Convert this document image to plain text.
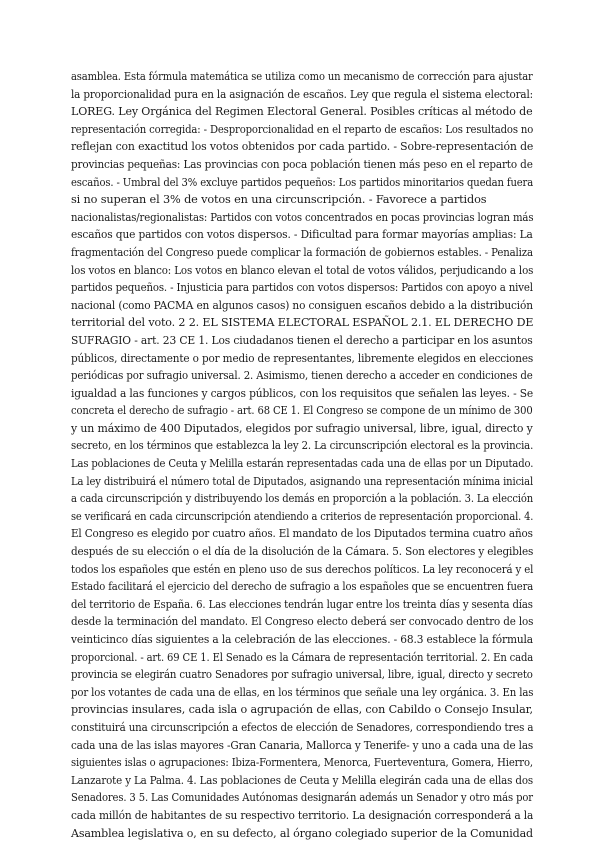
asamblea. Esta fórmula matemática se utiliza como un mecanismo de corrección para ajustar
la proporcionalidad pura en la asignación de escaños. Ley que regula el sistema electoral:
LOREG. Ley Orgánica del Regimen Electoral General. Posibles críticas al método de
representación corregida: - Desproporcionalidad en el reparto de escaños: Los resultados no
reflejan con exactitud los votos obtenidos por cada partido. - Sobre-representación de
provincias pequeñas: Las provincias con poca población tienen más peso en el reparto de
escaños. - Umbral del 3% excluye partidos pequeños: Los partidos minoritarios quedan fuera
si no superan el 3% de votos en una circunscripción. - Favorece a partidos
nacionalistas/regionalistas: Partidos con votos concentrados en pocas provincias logran más
escaños que partidos con votos dispersos. - Dificultad para formar mayorías amplias: La
fragmentación del Congreso puede complicar la formación de gobiernos estables. - Penaliza
los votos en blanco: Los votos en blanco elevan el total de votos válidos, perjudicando a los
partidos pequeños. - Injusticia para partidos con votos dispersos: Partidos con apoyo a nivel
nacional (como PACMA en algunos casos) no consiguen escaños debido a la distribución
territorial del voto. 2 2. EL SISTEMA ELECTORAL ESPAÑOL 2.1. EL DERECHO DE
SUFRAGIO - art. 23 CE 1. Los ciudadanos tienen el derecho a participar en los asuntos
públicos, directamente o por medio de representantes, libremente elegidos en elecciones
periódicas por sufragio universal. 2. Asimismo, tienen derecho a acceder en condiciones de
igualdad a las funciones y cargos públicos, con los requisitos que señalen las leyes. - Se
concreta el derecho de sufragio - art. 68 CE 1. El Congreso se compone de un mínimo de 300
y un máximo de 400 Diputados, elegidos por sufragio universal, libre, igual, directo y
secreto, en los términos que establezca la ley 2. La circunscripción electoral es la provincia.
Las poblaciones de Ceuta y Melilla estarán representadas cada una de ellas por un Diputado.
La ley distribuirá el número total de Diputados, asignando una representación mínima inicial
a cada circunscripción y distribuyendo los demás en proporción a la población. 3. La elección
se verificará en cada circunscripción atendiendo a criterios de representación proporcional. 4.
El Congreso es elegido por cuatro años. El mandato de los Diputados termina cuatro años
después de su elección o el día de la disolución de la Cámara. 5. Son electores y elegibles
todos los españoles que estén en pleno uso de sus derechos políticos. La ley reconocerá y el
Estado facilitará el ejercicio del derecho de sufragio a los españoles que se encuentren fuera
del territorio de España. 6. Las elecciones tendrán lugar entre los treinta días y sesenta días
desde la terminación del mandato. El Congreso electo deberá ser convocado dentro de los
veinticinco días siguientes a la celebración de las elecciones. - 68.3 establece la fórmula
proporcional. - art. 69 CE 1. El Senado es la Cámara de representación territorial. 2. En cada
provincia se elegirán cuatro Senadores por sufragio universal, libre, igual, directo y secreto
por los votantes de cada una de ellas, en los términos que señale una ley orgánica. 3. En las
provincias insulares, cada isla o agrupación de ellas, con Cabildo o Consejo Insular,
constituirá una circunscripción a efectos de elección de Senadores, correspondiendo tres a
cada una de las islas mayores -Gran Canaria, Mallorca y Tenerife- y uno a cada una de las
siguientes islas o agrupaciones: Ibiza-Formentera, Menorca, Fuerteventura, Gomera, Hierro,
Lanzarote y La Palma. 4. Las poblaciones de Ceuta y Melilla elegirán cada una de ellas dos
Senadores. 3 5. Las Comunidades Autónomas designarán además un Senador y otro más por
cada millón de habitantes de su respectivo territorio. La designación corresponderá a la
Asamblea legislativa o, en su defecto, al órgano colegiado superior de la Comunidad
